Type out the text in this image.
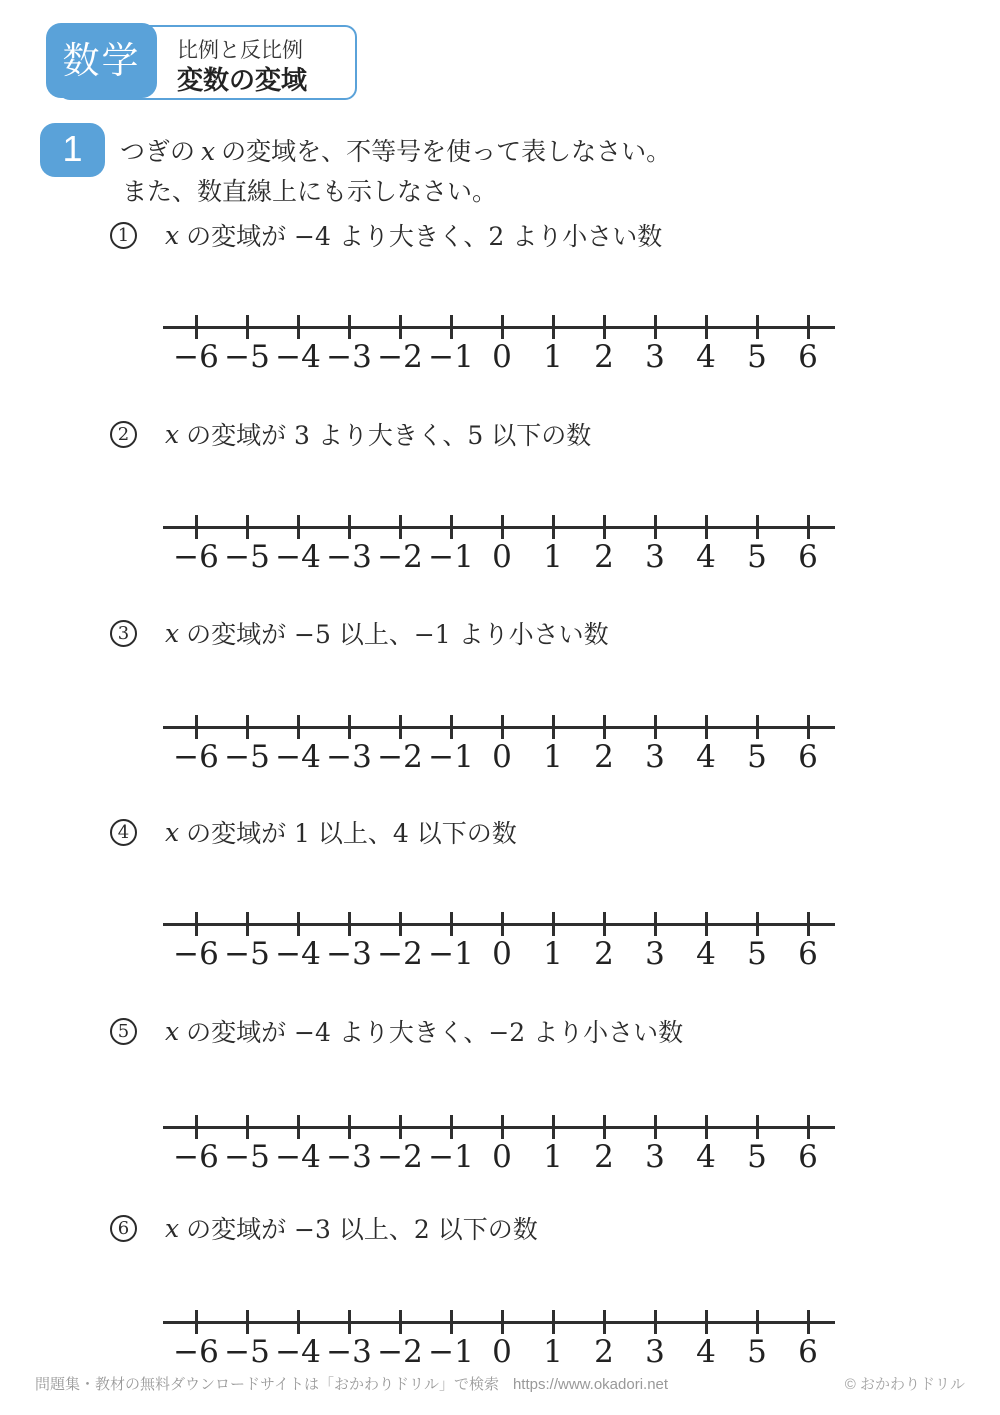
比例と反比例
変数の変域
数学
1	つぎの x の変域を、不等号を使って表しなさい。
また、数直線上にも示しなさい。
1	x の変域が −4 より大きく、2 より小さい数
−6 −5 −4 −3 −2 −1 0	1	2	3	4	5	6
2	x の変域が 3 より大きく、5 以下の数
−6 −5 −4 −3 −2 −1 0	1	2	3	4	5	6
3	x の変域が −5 以上、−1 より小さい数
−6 −5 −4 −3 −2 −1 0	1	2	3	4	5	6
4	x の変域が 1 以上、4 以下の数
−6 −5 −4 −3 −2 −1 0	1	2	3	4	5	6
5	x の変域が −4 より大きく、−2 より小さい数
−6 −5 −4 −3 −2 −1 0	1	2	3	4	5	6
6	x の変域が −3 以上、2 以下の数
−6 −5 −4 −3 −2 −1 0	1	2	3	4	5	6
問題集・教材の無料ダウンロードサイトは「おかわりドリル」で検索 https://www.okadori.net	© おかわりドリル
